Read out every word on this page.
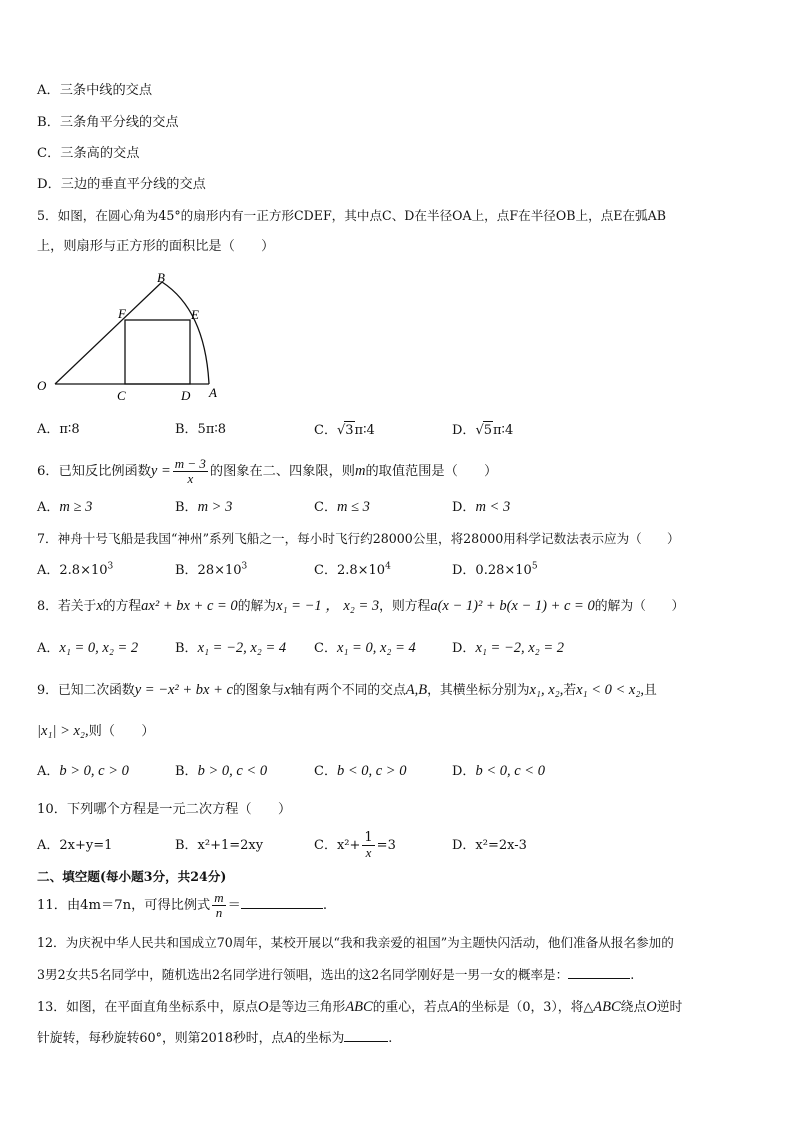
A．三条中线的交点
B．三条角平分线的交点
C．三条高的交点
D．三边的垂直平分线的交点
5．如图，在圆心角为45°的扇形内有一正方形CDEF，其中点C、D在半径OA上，点F在半径OB上，点E在弧AB
上，则扇形与正方形的面积比是（　　）
B
F	E
O
C	D A
A．π∶8	B．5π∶8	C．√3π∶4	D．√5π∶4
6．已知反比例函数$y = \frac{m - 3}{x}$ 的图象在二、四象限，则m的取值范围是（　　）
A．m ≥ 3	B．m > 3	C．m ≤ 3	D．m < 3
7．神舟十号飞船是我国“神州”系列飞船之一，每小时飞行约28000公里，将28000用科学记数法表示应为（　　）
A．$2.8\times 10^3$	B．$28\times 10^3$	C．$2.8\times 10^4$	D．$0.28\times 10^5$
8．若关于x的方程ax² + bx + c = 0的解为x₁ = −1 ， x₂ = 3，则方程a(x − 1)² + b(x − 1) + c = 0的解为（　　）
A．x₁ = 0, x₂ = 2	B．x₁ = −2, x₂ = 4 C．x₁ = 0, x₂ = 4	D．x₁ = −2, x₂ = 2
9．已知二次函数y = −x² + bx + c的图象与x轴有两个不同的交点A,B，其横坐标分别为x₁, x₂,若x₁ < 0 < x₂,且
|x₁| > x₂,则（　　）
A．b > 0, c > 0	B．b > 0, c < 0	C．b < 0, c > 0	D．b < 0, c < 0
10．下列哪个方程是一元二次方程（　　）
A．2x+y=1	B．x²+1=2xy	C．$x^2+ \frac{1}{x} =3$	D．x²=2x-3
二、填空题(每小题3分，共24分)
11．由4m＝7n，可得比例式 $\frac{m}{n}$ ＝	.
12．为庆祝中华人民共和国成立70周年，某校开展以“我和我亲爱的祖国”为主题快闪活动，他们准备从报名参加的
3男2女共5名同学中，随机选出2名同学进行领唱，选出的这2名同学刚好是一男一女的概率是：	.
13．如图，在平面直角坐标系中，原点O是等边三角形ABC的重心，若点A的坐标是（0，3），将△ABC绕点O逆时
针旋转，每秒旋转60°，则第2018秒时，点A的坐标为	.
